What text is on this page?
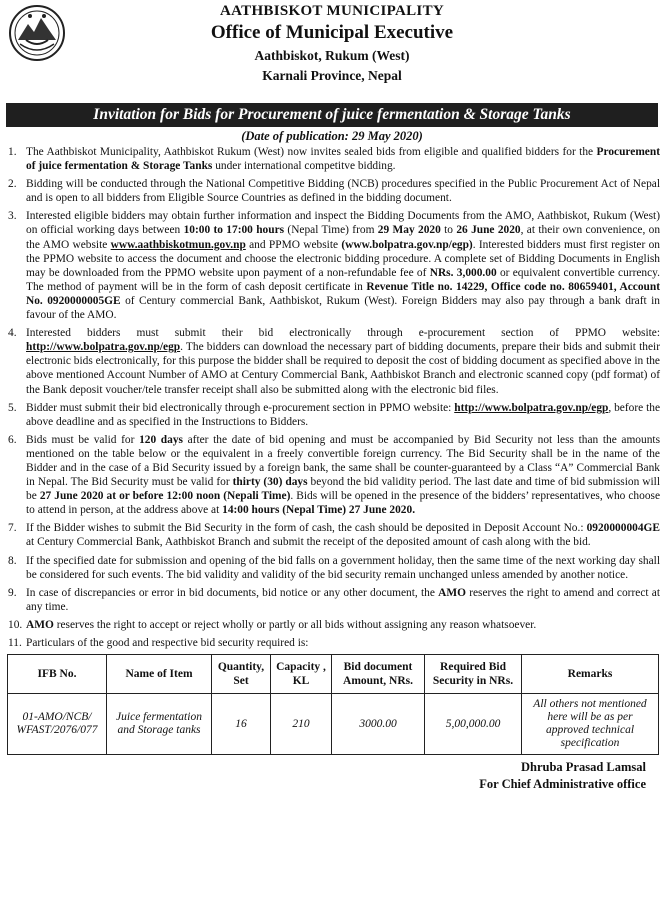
AATHBISKOT MUNICIPALITY
Office of Municipal Executive
Aathbiskot, Rukum (West)
Karnali Province, Nepal
Invitation for Bids for Procurement of juice fermentation & Storage Tanks
(Date of publication: 29 May 2020)
1. The Aathbiskot Municipality, Aathbiskot Rukum (West) now invites sealed bids from eligible and qualified bidders for the Procurement of juice fermentation & Storage Tanks under international competitve bidding.
2. Bidding will be conducted through the National Competitive Bidding (NCB) procedures specified in the Public Procurement Act of Nepal and is open to all bidders from Eligible Source Countries as defined in the bidding document.
3. Interested eligible bidders may obtain further information and inspect the Bidding Documents from the AMO, Aathbiskot, Rukum (West) on official working days between 10:00 to 17:00 hours (Nepal Time) from 29 May 2020 to 26 June 2020, at their own convenience, on the AMO website www.aathbiskotmun.gov.np and PPMO website (www.bolpatra.gov.np/egp). Interested bidders must first register on the PPMO website to access the document and choose the electronic bidding procedure. A complete set of Bidding Documents in English may be downloaded from the PPMO website upon payment of a non-refundable fee of NRs. 3,000.00 or equivalent convertible currency. The method of payment will be in the form of cash deposit certificate in Revenue Title no. 14229, Office code no. 80659401, Account No. 0920000005GE of Century commercial Bank, Aathbiskot, Rukum (West). Foreign Bidders may also pay through a bank draft in favour of the AMO.
4. Interested bidders must submit their bid electronically through e-procurement section of PPMO website: http://www.bolpatra.gov.np/egp. The bidders can download the necessary part of bidding documents, prepare their bids and submit their electronic bids electronically, for this purpose the bidder shall be required to deposit the cost of bidding document as specified above in the above mentioned Account Number of AMO at Century Commercial Bank, Aathbiskot Branch and electronic scanned copy (pdf format) of the Bank deposit voucher/tele transfer receipt shall also be submitted along with the electronic bid files.
5. Bidder must submit their bid electronically through e-procurement section in PPMO website: http://www.bolpatra.gov.np/egp, before the above deadline and as specified in the Instructions to Bidders.
6. Bids must be valid for 120 days after the date of bid opening and must be accompanied by Bid Security not less than the amounts mentioned on the table below or the equivalent in a freely convertible foreign currency. The Bid Security shall be in the name of the Bidder and in the case of a Bid Security issued by a foreign bank, the same shall be counter-guaranteed by a Class “A” Commercial Bank in Nepal. The Bid Security must be valid for thirty (30) days beyond the bid validity period. The last date and time of bid submission will be 27 June 2020 at or before 12:00 noon (Nepali Time). Bids will be opened in the presence of the bidders’ representatives, who choose to attend in person, at the address above at 14:00 hours (Nepal Time) 27 June 2020.
7. If the Bidder wishes to submit the Bid Security in the form of cash, the cash should be deposited in Deposit Account No.: 0920000004GE at Century Commercial Bank, Aathbiskot Branch and submit the receipt of the deposited amount of cash along with the bid.
8. If the specified date for submission and opening of the bid falls on a government holiday, then the same time of the next working day shall be considered for such events. The bid validity and validity of the bid security remain unchanged unless amended by another notice.
9. In case of discrepancies or error in bid documents, bid notice or any other document, the AMO reserves the right to amend and correct at any time.
10. AMO reserves the right to accept or reject wholly or partly or all bids without assigning any reason whatsoever.
11. Particulars of the good and respective bid security required is:
IFB No.	Name of Item	Quantity, Set	Capacity , KL	Bid document Amount, NRs.	Required Bid Security in NRs.	Remarks
01-AMO/NCB/ WFAST/2076/077	Juice fermentation and Storage tanks	16	210	3000.00	5,00,000.00	All others not mentioned here will be as per approved technical specification
Dhruba Prasad Lamsal
For Chief Administrative office
